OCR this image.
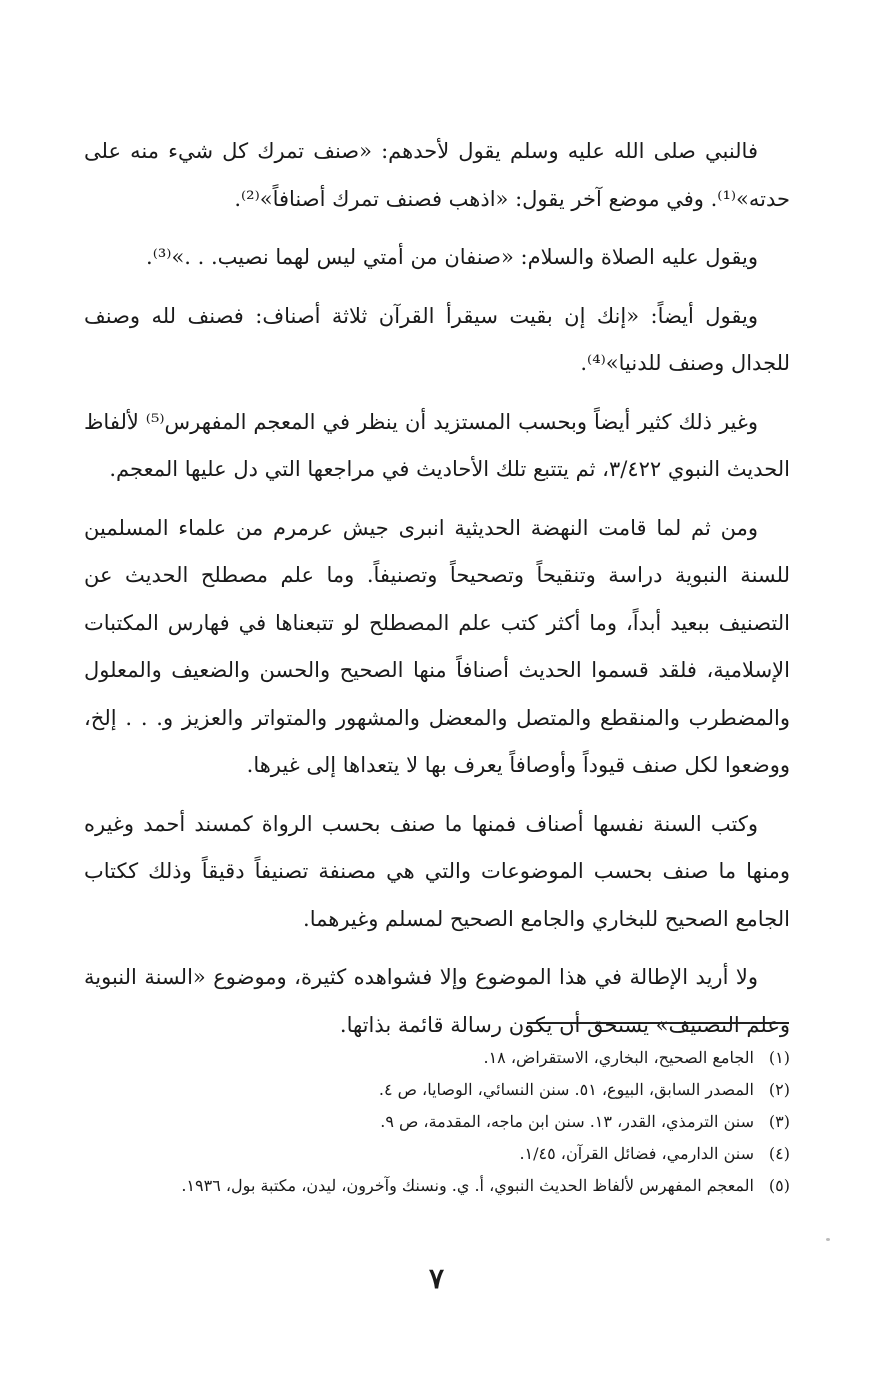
فالنبي صلى الله عليه وسلم يقول لأحدهم: «صنف تمرك كل شيء منه على حدته»⁽¹⁾. وفي موضع آخر يقول: «اذهب فصنف تمرك أصنافاً»⁽²⁾.

ويقول عليه الصلاة والسلام: «صنفان من أمتي ليس لهما نصيب. . .»⁽³⁾.

ويقول أيضاً: «إنك إن بقيت سيقرأ القرآن ثلاثة أصناف: فصنف لله وصنف للجدال وصنف للدنيا»⁽⁴⁾.

وغير ذلك كثير أيضاً وبحسب المستزيد أن ينظر في المعجم المفهرس⁽⁵⁾ لألفاظ الحديث النبوي ٣/٤٢٢، ثم يتتبع تلك الأحاديث في مراجعها التي دل عليها المعجم.

ومن ثم لما قامت النهضة الحديثية انبرى جيش عرمرم من علماء المسلمين للسنة النبوية دراسة وتنقيحاً وتصحيحاً وتصنيفاً. وما علم مصطلح الحديث عن التصنيف ببعيد أبداً، وما أكثر كتب علم المصطلح لو تتبعناها في فهارس المكتبات الإسلامية، فلقد قسموا الحديث أصنافاً منها الصحيح والحسن والضعيف والمعلول والمضطرب والمنقطع والمتصل والمعضل والمشهور والمتواتر والعزيز و. . . إلخ، ووضعوا لكل صنف قيوداً وأوصافاً يعرف بها لا يتعداها إلى غيرها.

وكتب السنة نفسها أصناف فمنها ما صنف بحسب الرواة كمسند أحمد وغيره ومنها ما صنف بحسب الموضوعات والتي هي مصنفة تصنيفاً دقيقاً وذلك ككتاب الجامع الصحيح للبخاري والجامع الصحيح لمسلم وغيرهما.

ولا أريد الإطالة في هذا الموضوع وإلا فشواهده كثيرة، وموضوع «السنة النبوية وعلم التصنيف» يستحق أن يكون رسالة قائمة بذاتها.

(١)
الجامع الصحيح، البخاري، الاستقراض، ١٨.
(٢)
المصدر السابق، البيوع، ٥١. سنن النسائي، الوصايا، ص ٤.
(٣)
سنن الترمذي، القدر، ١٣. سنن ابن ماجه، المقدمة، ص ٩.
(٤)
سنن الدارمي، فضائل القرآن، ١/٤٥.
(٥)
المعجم المفهرس لألفاظ الحديث النبوي، أ. ي. ونسنك وآخرون، ليدن، مكتبة بول، ١٩٣٦.
٧
